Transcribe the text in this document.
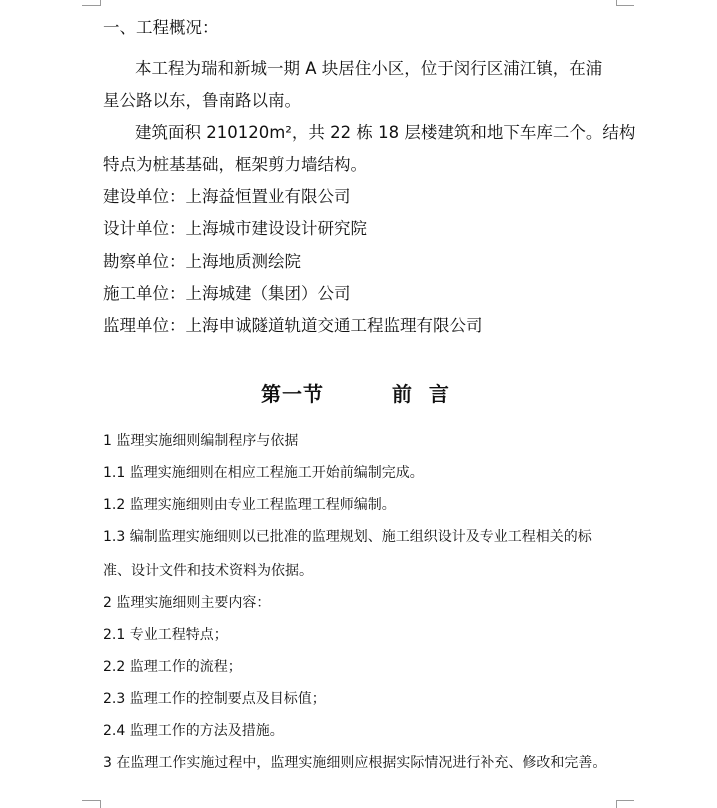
一、工程概况：
本工程为瑞和新城一期 A 块居住小区，位于闵行区浦江镇，在浦
星公路以东，鲁南路以南。
建筑面积 210120m²，共 22 栋 18 层楼建筑和地下车库二个。结构
特点为桩基基础，框架剪力墙结构。
建设单位：上海益恒置业有限公司
设计单位：上海城市建设设计研究院
勘察单位：上海地质测绘院
施工单位：上海城建（集团）公司
监理单位：上海申诚隧道轨道交通工程监理有限公司
第一节	前  言
1 监理实施细则编制程序与依据
1.1 监理实施细则在相应工程施工开始前编制完成。
1.2 监理实施细则由专业工程监理工程师编制。
1.3 编制监理实施细则以已批准的监理规划、施工组织设计及专业工程相关的标
准、设计文件和技术资料为依据。
2 监理实施细则主要内容：
2.1 专业工程特点；
2.2 监理工作的流程；
2.3 监理工作的控制要点及目标值；
2.4 监理工作的方法及措施。
3 在监理工作实施过程中，监理实施细则应根据实际情况进行补充、修改和完善。
